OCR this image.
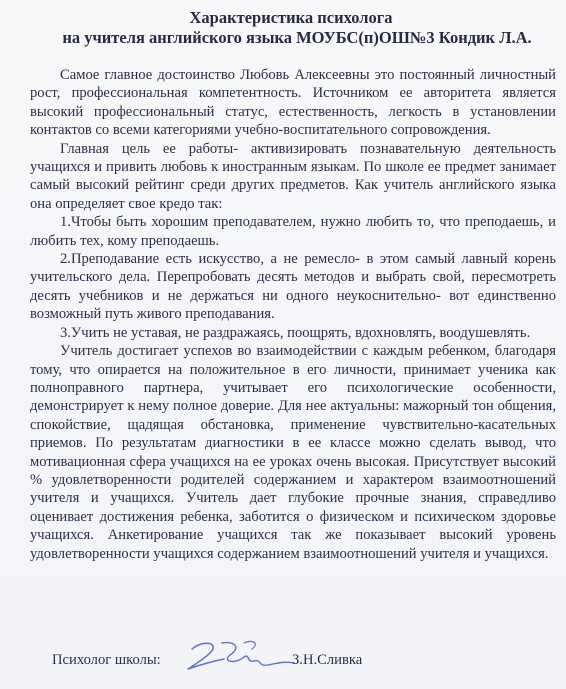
Характеристика психолога
на учителя английского языка МОУБС(п)ОШ№3 Кондик Л.А.

Самое главное достоинство Любовь Алексеевны это постоянный личностный рост, профессиональная компетентность. Источником ее авторитета является высокий профессиональный статус, естественность, легкость в установлении контактов со всеми категориями учебно-воспитательного сопровождения.

Главная цель ее работы- активизировать познавательную деятельность учащихся и привить любовь к иностранным языкам. По школе ее предмет занимает самый высокий рейтинг среди других предметов. Как учитель английского языка она определяет свое кредо так:

1.Чтобы быть хорошим преподавателем, нужно любить то, что преподаешь, и любить тех, кому преподаешь.

2.Преподавание есть искусство, а не ремесло- в этом самый лавный корень учительского дела. Перепробовать десять методов и выбрать свой, пересмотреть десять учебников и не держаться ни одного неукоснительно- вот единственно возможный путь живого преподавания.

3.Учить не уставая, не раздражаясь, поощрять, вдохновлять, воодушевлять.

Учитель достигает успехов во взаимодействии с каждым ребенком, благодаря тому, что опирается на положительное в его личности, принимает ученика как полноправного партнера, учитывает его психологические особенности, демонстрирует к нему полное доверие. Для нее актуальны: мажорный тон общения, спокойствие, щадящая обстановка, применение чувствительно-касательных приемов. По результатам диагностики в ее классе можно сделать вывод, что мотивационная сфера учащихся на ее уроках очень высокая. Присутствует высокий % удовлетворенности родителей содержанием и характером взаимоотношений учителя и учащихся. Учитель дает глубокие прочные знания, справедливо оценивает достижения ребенка, заботится о физическом и психическом здоровье учащихся. Анкетирование учащихся так же показывает высокий уровень удовлетворенности учащихся содержанием взаимоотношений учителя и учащихся.

Психолог школы:	З.Н.Сливка
